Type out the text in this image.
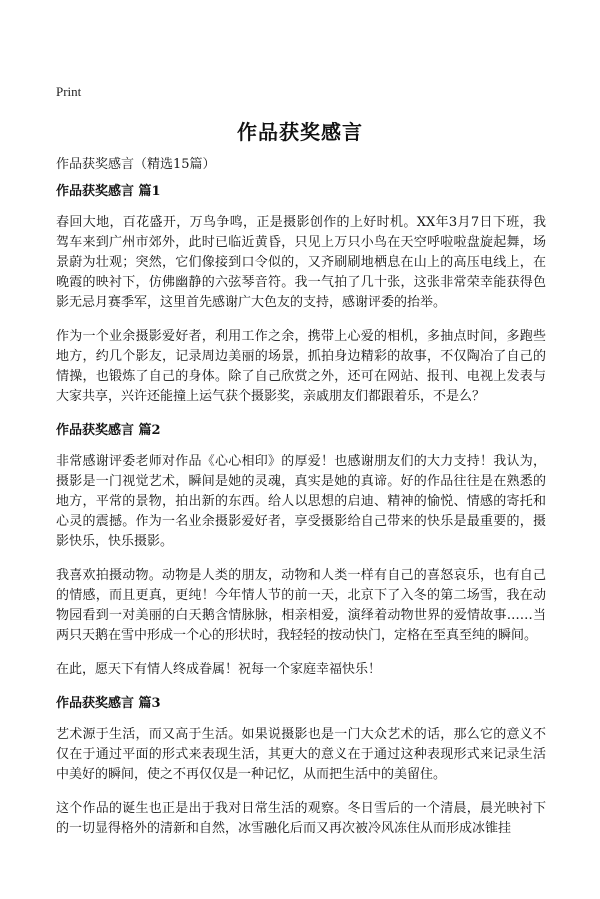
Print
作品获奖感言
作品获奖感言（精选15篇）
作品获奖感言 篇1

春回大地，百花盛开，万鸟争鸣，正是摄影创作的上好时机。XX年3月7日下班，我驾车来到广州市郊外，此时已临近黄昏，只见上万只小鸟在天空呼啦啦盘旋起舞，场景蔚为壮观；突然，它们像接到口令似的，又齐刷刷地栖息在山上的高压电线上，在晚霞的映衬下，仿佛幽静的六弦琴音符。我一气拍了几十张，这张非常荣幸能获得色影无忌月赛季军，这里首先感谢广大色友的支持，感谢评委的抬举。

作为一个业余摄影爱好者，利用工作之余，携带上心爱的相机，多抽点时间，多跑些地方，约几个影友，记录周边美丽的场景，抓拍身边精彩的故事，不仅陶冶了自己的情操，也锻炼了自己的身体。除了自己欣赏之外，还可在网站、报刊、电视上发表与大家共享，兴许还能撞上运气获个摄影奖，亲戚朋友们都跟着乐，不是么？

作品获奖感言 篇2

非常感谢评委老师对作品《心心相印》的厚爱！也感谢朋友们的大力支持！我认为，摄影是一门视觉艺术，瞬间是她的灵魂，真实是她的真谛。好的作品往往是在熟悉的地方，平常的景物，拍出新的东西。给人以思想的启迪、精神的愉悦、情感的寄托和心灵的震撼。作为一名业余摄影爱好者，享受摄影给自己带来的快乐是最重要的，摄影快乐，快乐摄影。

我喜欢拍摄动物。动物是人类的朋友，动物和人类一样有自己的喜怒哀乐，也有自己的情感，而且更真，更纯！今年情人节的前一天，北京下了入冬的第二场雪，我在动物园看到一对美丽的白天鹅含情脉脉，相亲相爱，演绎着动物世界的爱情故事……当两只天鹅在雪中形成一个心的形状时，我轻轻的按动快门，定格在至真至纯的瞬间。

在此，愿天下有情人终成眷属！祝每一个家庭幸福快乐！

作品获奖感言 篇3

艺术源于生活，而又高于生活。如果说摄影也是一门大众艺术的话，那么它的意义不仅在于通过平面的形式来表现生活，其更大的意义在于通过这种表现形式来记录生活中美好的瞬间，使之不再仅仅是一种记忆，从而把生活中的美留住。

这个作品的诞生也正是出于我对日常生活的观察。冬日雪后的一个清晨，晨光映衬下的一切显得格外的清新和自然，冰雪融化后而又再次被冷风冻住从而形成冰锥挂
